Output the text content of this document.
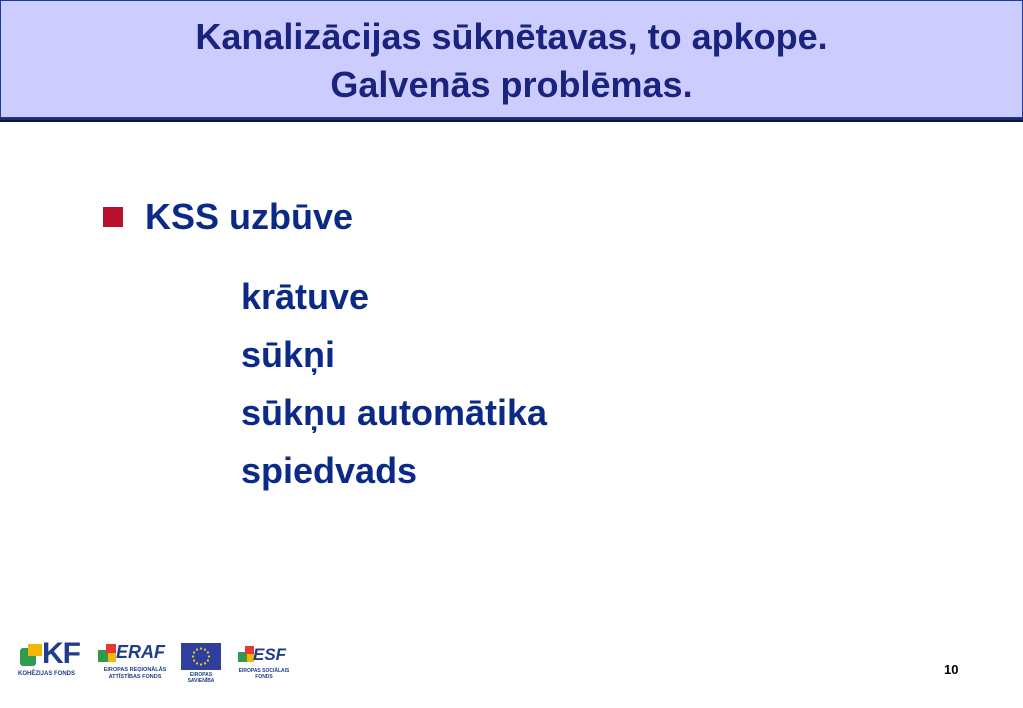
Kanalizācijas sūknētavas, to apkope.
Galvenās problēmas.
KSS uzbūve
krātuve
sūkņi
sūkņu automātika
spiedvads
KF
KOHĒZIJAS FONDS
ERAF
EIROPAS REĢIONĀLĀS ATTĪSTĪBAS FONDS	EIROPAS SAVIENĪBA
ESF
EIROPAS SOCIĀLAIS FONDS	10
